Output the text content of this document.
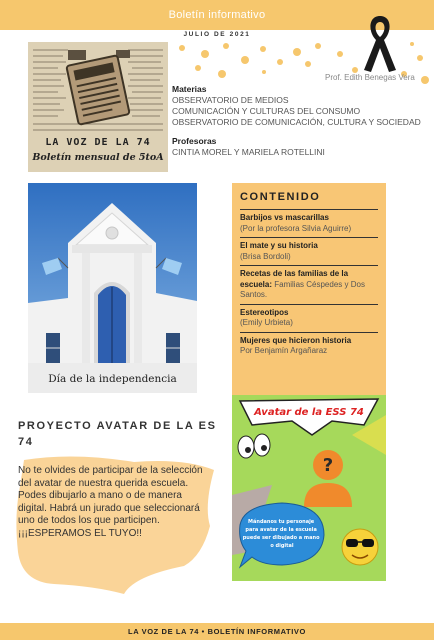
Boletín informativo
JULIO DE 2021
Prof. Edith Benegas Vera
LA VOZ DE LA 74
Boletín mensual de 5toA
Materias
OBSERVATORIO DE MEDIOS
COMUNICACIÓN Y CULTURAS DEL CONSUMO
OBSERVATORIO DE COMUNICACIÓN, CULTURA Y SOCIEDAD
Profesoras
CINTIA MOREL Y MARIELA ROTELLINI
Día de la independencia
CONTENIDO
Barbijos vs mascarillas
(Por la profesora Silvia Aguirre)
El mate y su historia
(Brisa Bordoli)
Recetas de las familias de la escuela: Familias Céspedes y Dos Santos.
Estereotipos
(Emily Urbieta)
Mujeres que hicieron historia
Por Benjamín Argañaraz
Avatar de la ESS 74
?
Mándanos tu personaje para avatar de la escuela puede ser dibujado a mano o digital
PROYECTO AVATAR DE LA ES 74
No te olvides de participar de la selección del avatar de nuestra querida escuela.
Podes dibujarlo a mano o de manera digital. Habrá un jurado que seleccionará uno de todos los que participen.
¡¡¡ESPERAMOS EL TUYO!!
LA VOZ DE LA 74 • BOLETÍN INFORMATIVO
